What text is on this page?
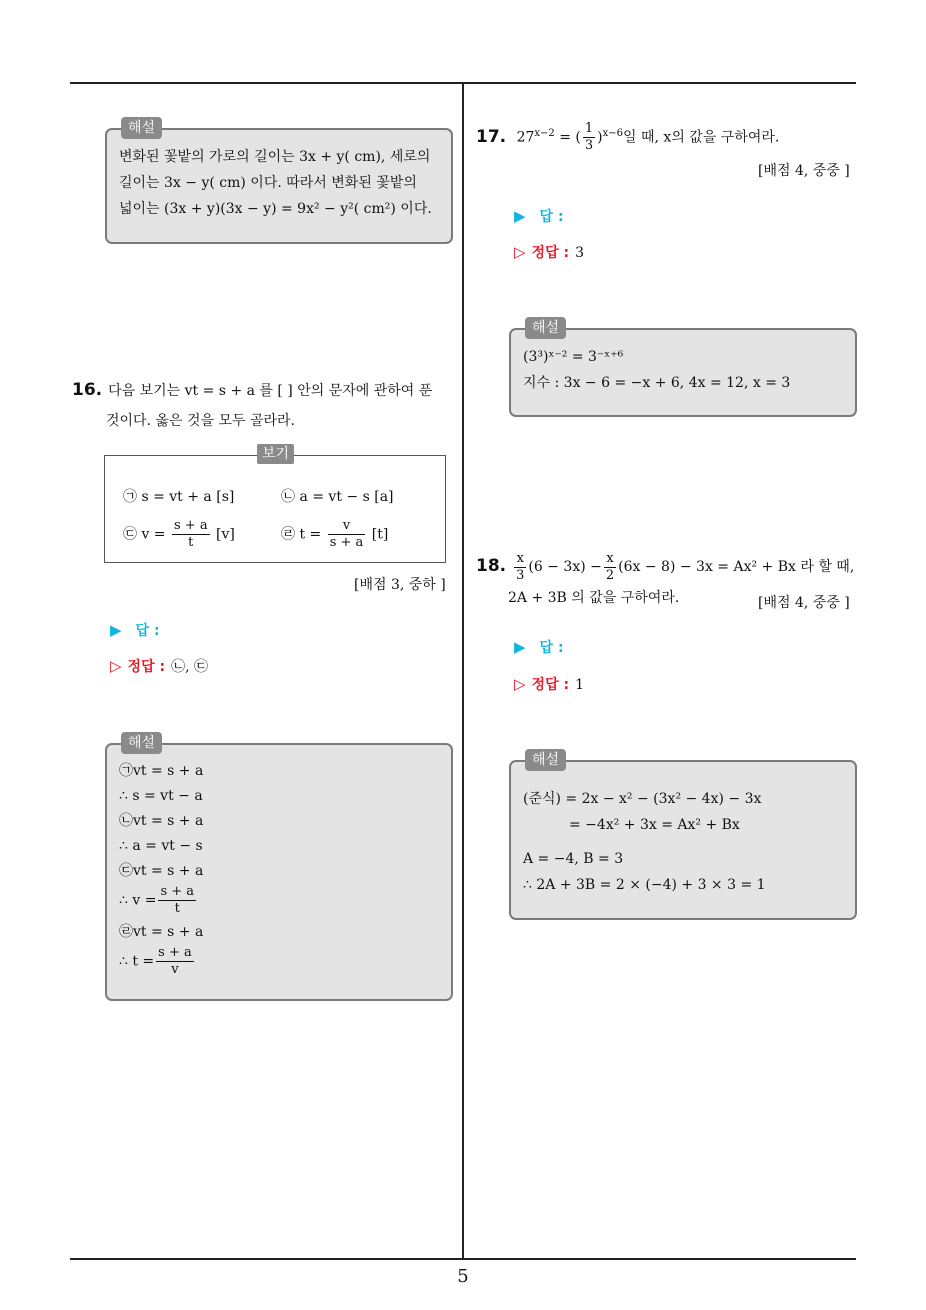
5
해설
변화된 꽃밭의 가로의 길이는 3x + y( cm), 세로의
길이는 3x − y( cm) 이다. 따라서 변화된 꽃밭의
넓이는 (3x + y)(3x − y) = 9x² − y²( cm²) 이다.
16. 다음 보기는 vt = s + a 를 [ ] 안의 문자에 관하여 푼
것이다. 옳은 것을 모두 골라라.
보기
㉠ s = vt + a [s]	㉡ a = vt − s [a]
㉢ $v = \frac{s + a}{t} [v]$	㉣ $t = \frac{v}{s + a} [t]$
[배점 3, 중하 ]
▶ 답 :
▷ 정답 : ㉡, ㉢
해설
㉠vt = s + a
∴ s = vt − a
㉡vt = s + a
∴ a = vt − s
㉢vt = s + a
∴ $v = \frac{s + a}{t}$
㉣vt = s + a
∴ $t = \frac{s + a}{v}$
17. $27^{x-2}$ = ( $\frac{1}{3} )^{x-6}$일 때, x의 값을 구하여라.
[배점 4, 중중 ]
▶ 답 :
▷ 정답 : 3
해설
(3³)ˣ⁻² = 3⁻ˣ⁺⁶
지수 : 3x − 6 = −x + 6, 4x = 12, x = 3
18. $\frac{x}{3} (6 - 3x) - \frac{x}{2} (6x - 8) - 3x = Ax^2 + Bx$ 라 할 때,
2A + 3B 의 값을 구하여라.	[배점 4, 중중 ]
▶ 답 :
▷ 정답 : 1
해설
(준식) = 2x − x² − (3x² − 4x) − 3x
= −4x² + 3x = Ax² + Bx
A = −4, B = 3
∴ 2A + 3B = 2 × (−4) + 3 × 3 = 1
